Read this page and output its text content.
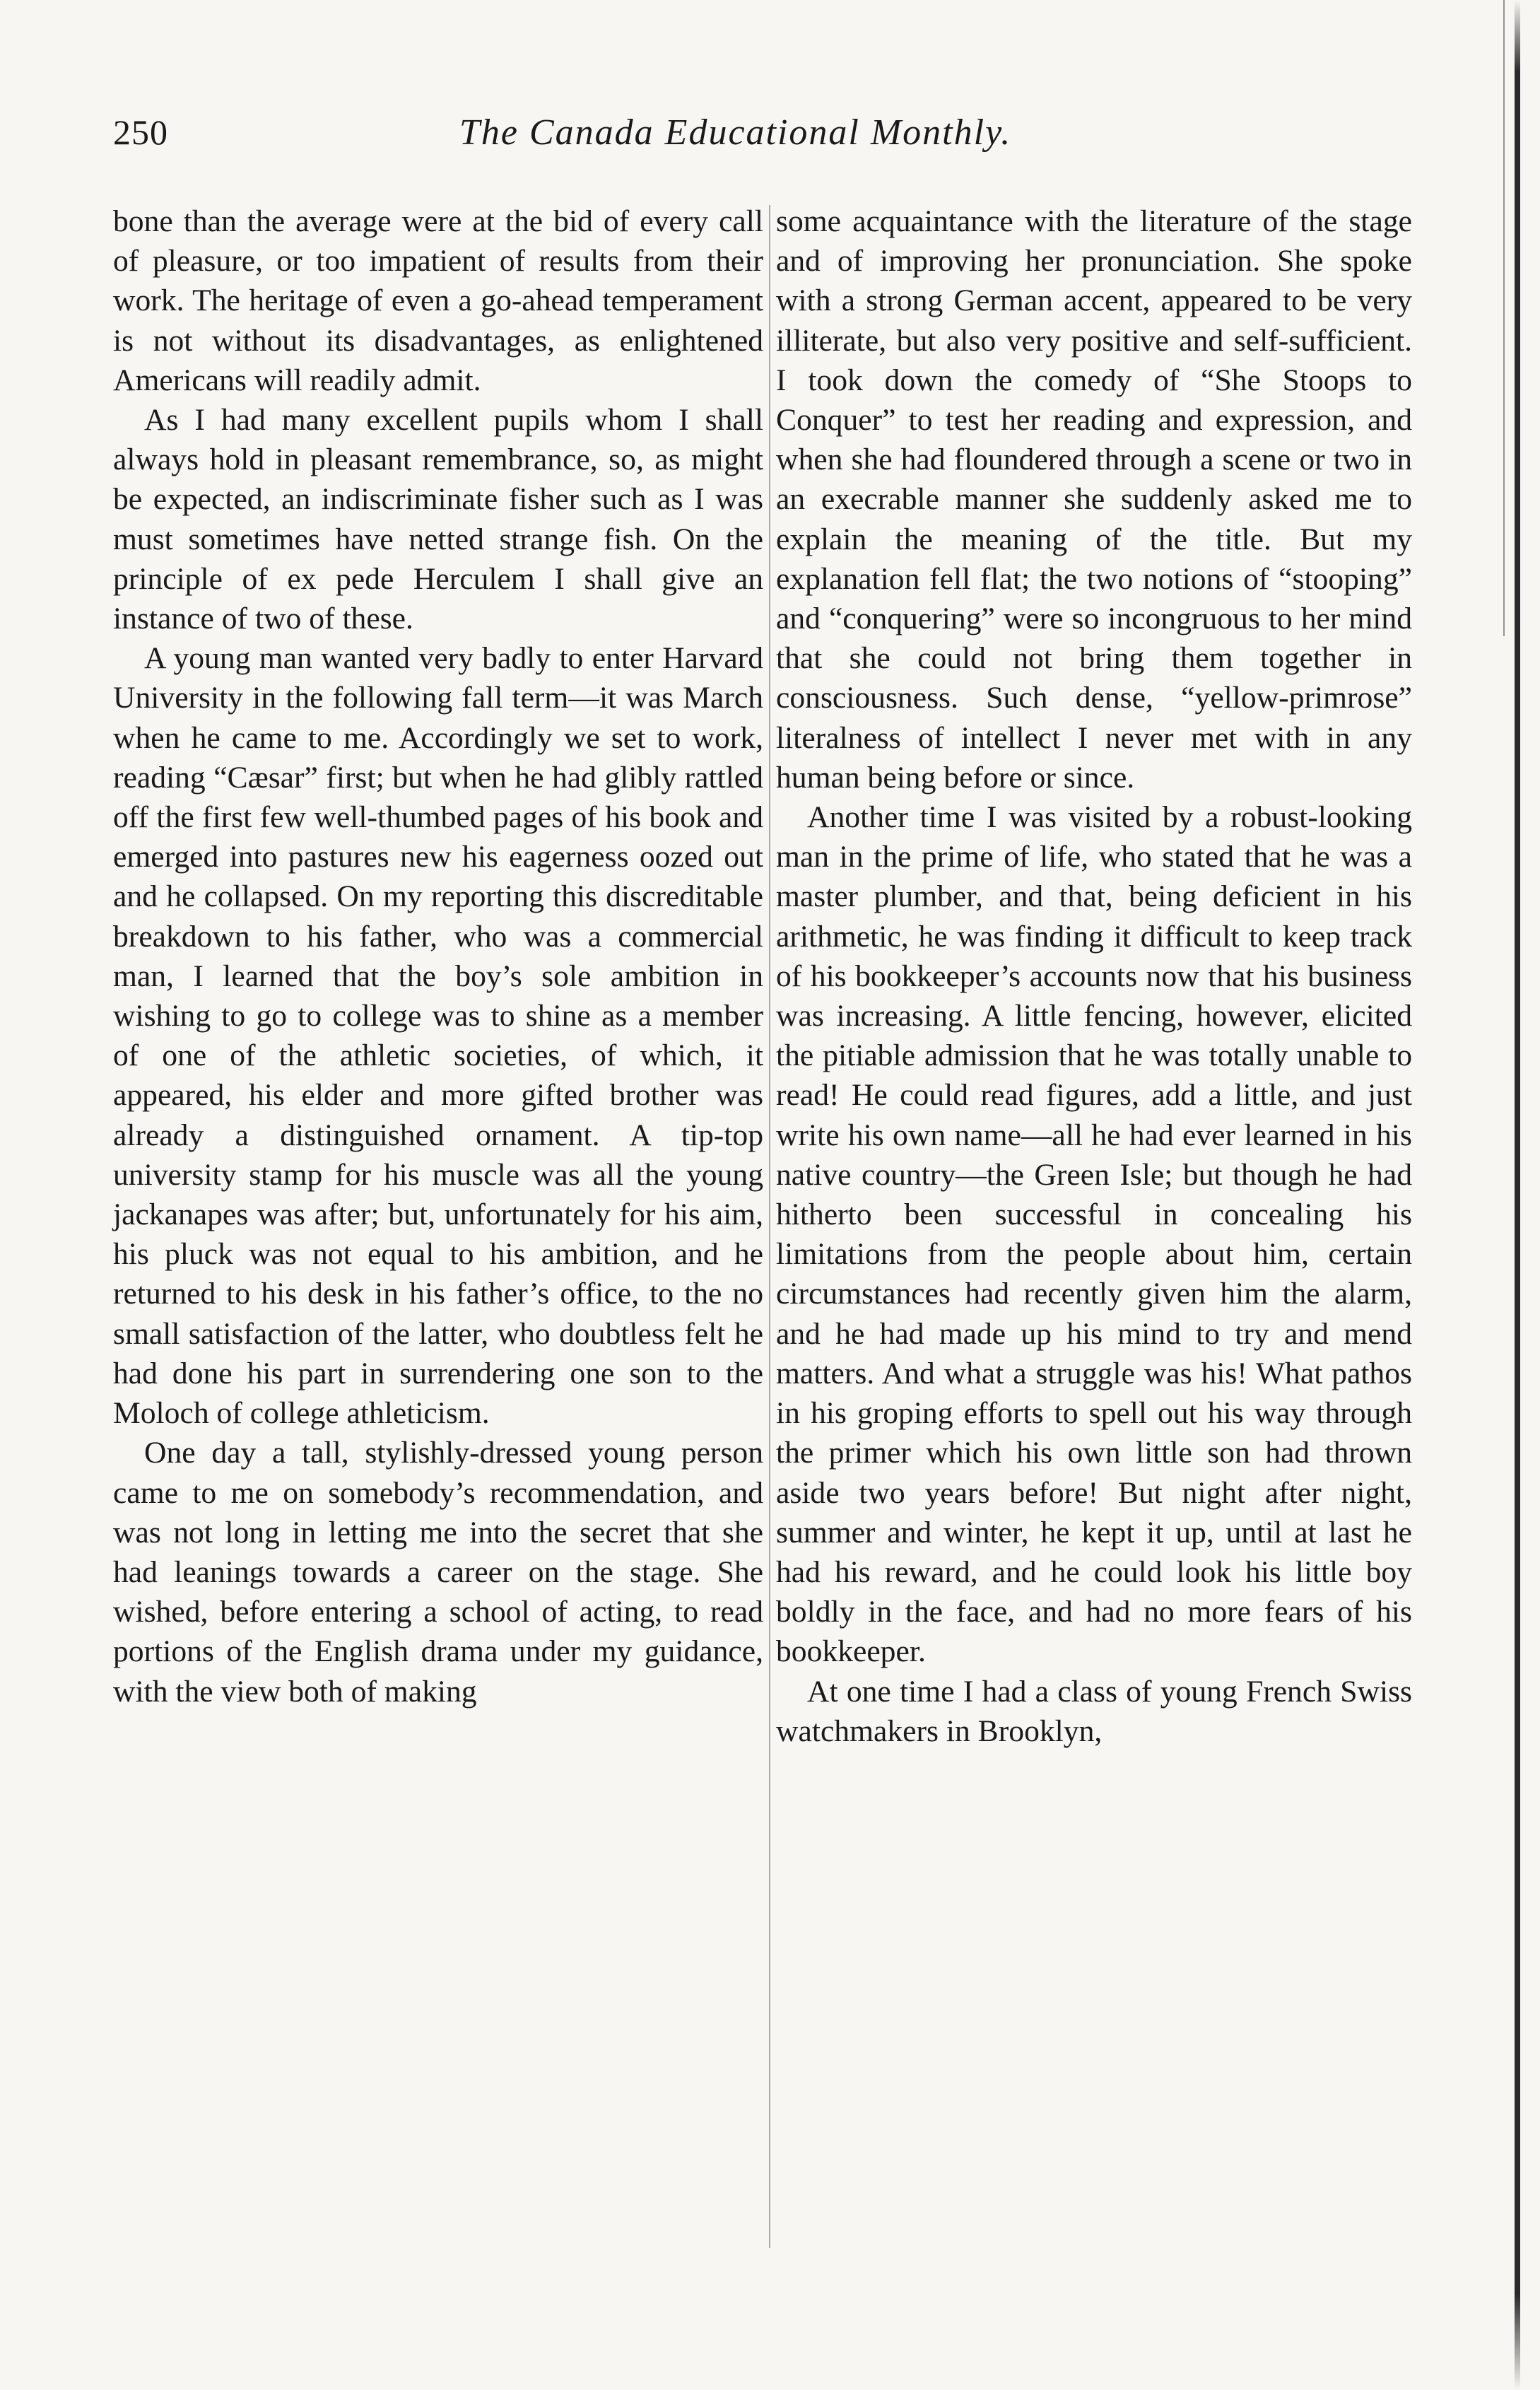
250	The Canada Educational Monthly.

bone than the average were at the bid of every call of pleasure, or too impatient of results from their work. The heritage of even a go-ahead temperament is not without its disadvantages, as enlightened Americans will readily admit.

As I had many excellent pupils whom I shall always hold in pleasant remembrance, so, as might be expected, an indiscriminate fisher such as I was must sometimes have netted strange fish. On the principle of ex pede Herculem I shall give an instance of two of these.

A young man wanted very badly to enter Harvard University in the following fall term—it was March when he came to me. Accordingly we set to work, reading “Cæsar” first; but when he had glibly rattled off the first few well-thumbed pages of his book and emerged into pastures new his eagerness oozed out and he collapsed. On my reporting this discreditable breakdown to his father, who was a commercial man, I learned that the boy’s sole ambition in wishing to go to college was to shine as a member of one of the athletic societies, of which, it appeared, his elder and more gifted brother was already a distinguished ornament. A tip-top university stamp for his muscle was all the young jackanapes was after; but, unfortunately for his aim, his pluck was not equal to his ambition, and he returned to his desk in his father’s office, to the no small satisfaction of the latter, who doubtless felt he had done his part in surrendering one son to the Moloch of college athleticism.

One day a tall, stylishly-dressed young person came to me on somebody’s recommendation, and was not long in letting me into the secret that she had leanings towards a career on the stage. She wished, before entering a school of acting, to read portions of the English drama under my guidance, with the view both of making

some acquaintance with the literature of the stage and of improving her pronunciation. She spoke with a strong German accent, appeared to be very illiterate, but also very positive and self-sufficient. I took down the comedy of “She Stoops to Conquer” to test her reading and expression, and when she had floundered through a scene or two in an execrable manner she suddenly asked me to explain the meaning of the title. But my explanation fell flat; the two notions of “stooping” and “conquering” were so incongruous to her mind that she could not bring them together in consciousness. Such dense, “yellow-primrose” literalness of intellect I never met with in any human being before or since.

Another time I was visited by a robust-looking man in the prime of life, who stated that he was a master plumber, and that, being deficient in his arithmetic, he was finding it difficult to keep track of his bookkeeper’s accounts now that his business was increasing. A little fencing, however, elicited the pitiable admission that he was totally unable to read! He could read figures, add a little, and just write his own name—all he had ever learned in his native country—the Green Isle; but though he had hitherto been successful in concealing his limitations from the people about him, certain circumstances had recently given him the alarm, and he had made up his mind to try and mend matters. And what a struggle was his! What pathos in his groping efforts to spell out his way through the primer which his own little son had thrown aside two years before! But night after night, summer and winter, he kept it up, until at last he had his reward, and he could look his little boy boldly in the face, and had no more fears of his bookkeeper.

At one time I had a class of young French Swiss watchmakers in Brooklyn,
